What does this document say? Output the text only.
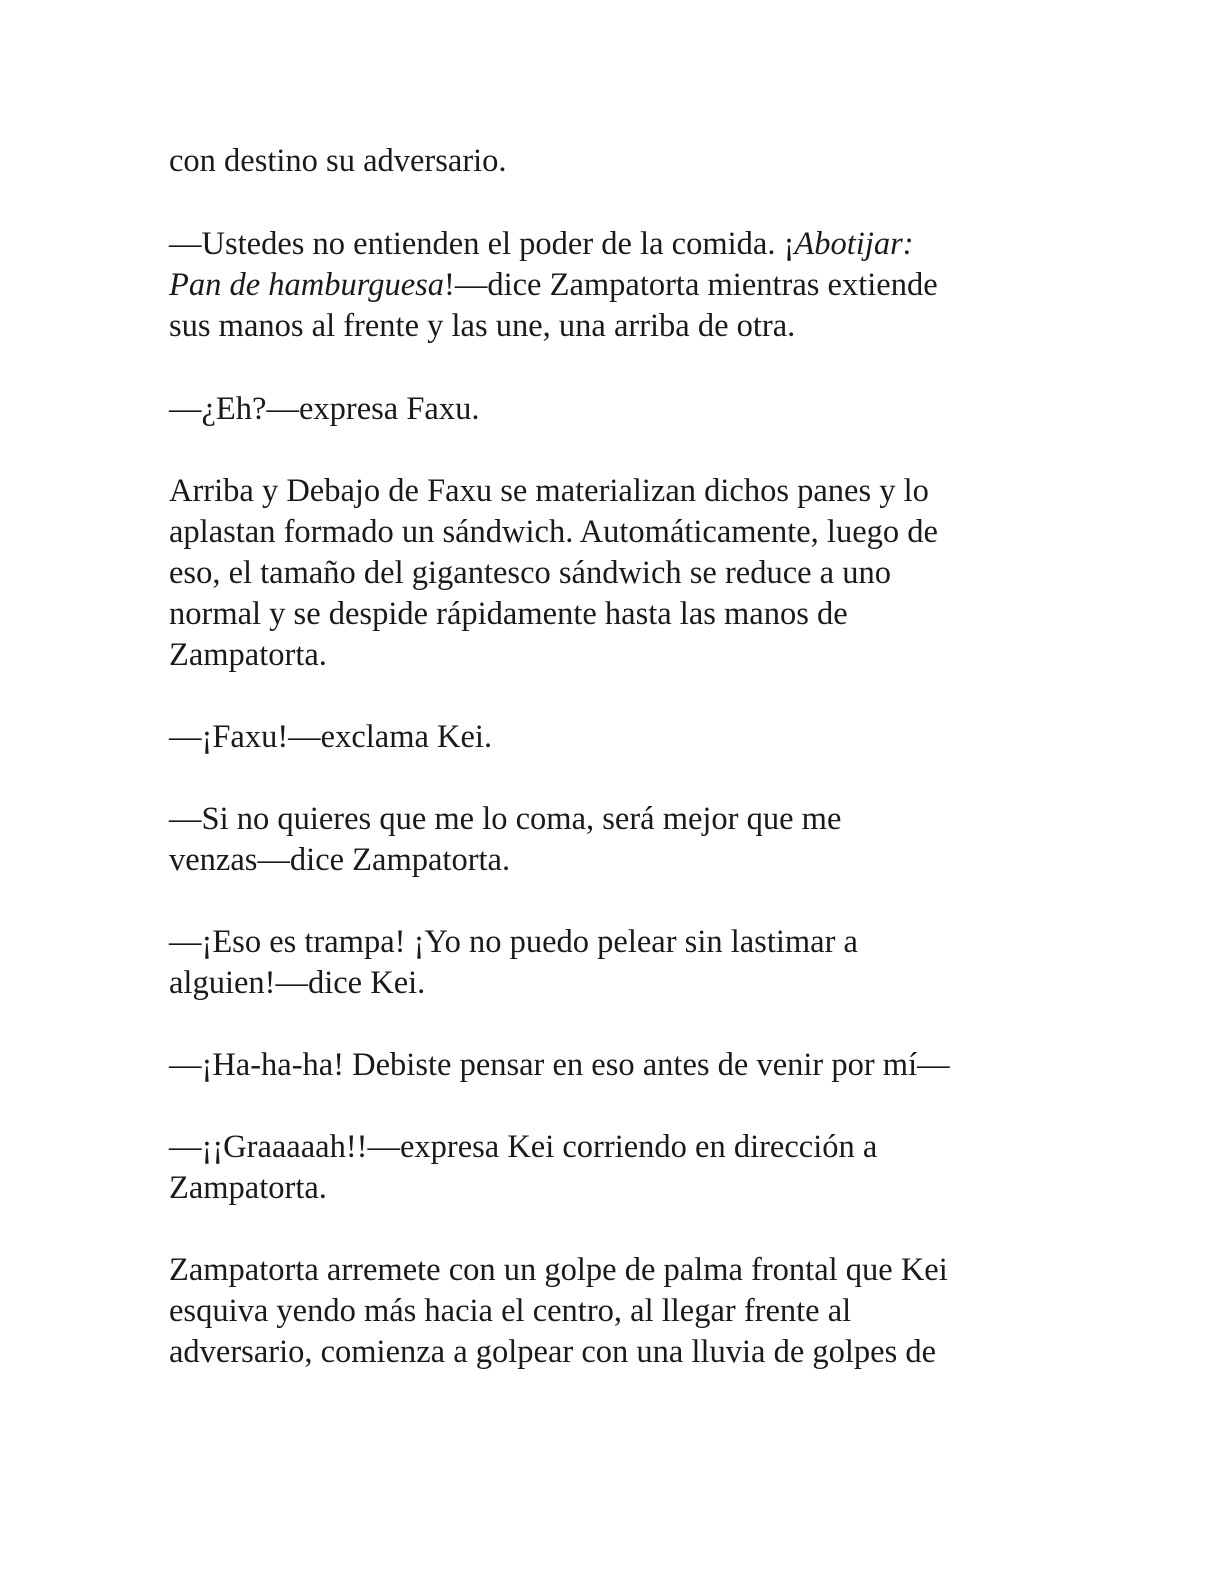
con destino su adversario.

—Ustedes no entienden el poder de la comida. ¡Abotijar:
Pan de hamburguesa!—dice Zampatorta mientras extiende
sus manos al frente y las une, una arriba de otra.

—¿Eh?—expresa Faxu.

Arriba y Debajo de Faxu se materializan dichos panes y lo
aplastan formado un sándwich. Automáticamente, luego de
eso, el tamaño del gigantesco sándwich se reduce a uno
normal y se despide rápidamente hasta las manos de
Zampatorta.

—¡Faxu!—exclama Kei.

—Si no quieres que me lo coma, será mejor que me
venzas—dice Zampatorta.

—¡Eso es trampa! ¡Yo no puedo pelear sin lastimar a
alguien!—dice Kei.

—¡Ha-ha-ha! Debiste pensar en eso antes de venir por mí—

—¡¡Graaaaah!!—expresa Kei corriendo en dirección a
Zampatorta.

Zampatorta arremete con un golpe de palma frontal que Kei
esquiva yendo más hacia el centro, al llegar frente al
adversario, comienza a golpear con una lluvia de golpes de
